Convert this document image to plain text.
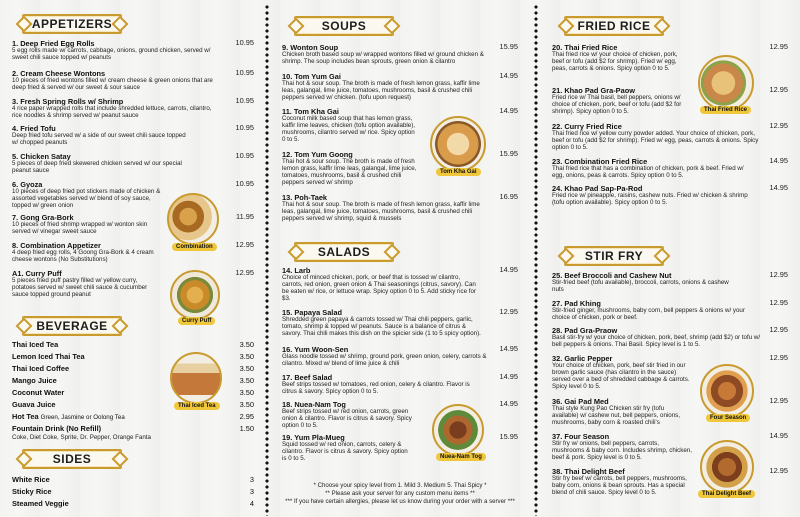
APPETIZERS
1. Deep Fried Egg Rolls	10.95
5 egg rolls made w/ carrots, cabbage, onions, ground chicken, served w/ sweet chili sauce topped w/ peanuts
2. Cream Cheese Wontons	10.95
10 pieces of fried wontons filled w/ cream cheese & green onions that are deep fried & served w/ our sweet & sour sauce
3. Fresh Spring Rolls w/ Shrimp	10.95
4 rice paper wrapped rolls that include shredded lettuce, carrots, cilantro, rice noodles & shrimp served w/ peanut sauce
4. Fried Tofu	10.95
Deep fried tofu served w/ a side of our sweet chili sauce topped w/ chopped peanuts
5. Chicken Satay	10.95
5 pieces of deep fried skewered chicken served w/ our special peanut sauce
6. Gyoza	10.95
10 pieces of deep fried pot stickers made of chicken & assorted vegetables served w/ blend of soy sauce, topped w/ green onion
7. Gong Gra-Bork	11.95
10 pieces of fried shrimp wrapped w/ wonton skin served w/ vinegar sweet sauce
8. Combination Appetizer	12.95
4 deep fried egg rolls, 4 Goong Gra-Bork & 4 cream cheese wontons (No Substitutions)
A1. Curry Puff	12.95
5 pieces fried puff pastry filled w/ yellow curry, potatoes served w/ sweet chili sauce & cucumber sauce topped ground peanut
Combination
Curry Puff
BEVERAGE
Thai Iced Tea	3.50
Lemon Iced Thai Tea	3.50
Thai Iced Coffee	3.50
Mango Juice	3.50
Coconut Water	3.50
Guava Juice	3.50
Hot Tea Green, Jasmine or Oolong Tea	2.95
Fountain Drink (No Refill)	1.50
Coke, Diet Coke, Sprite, Dr. Pepper, Orange Fanta
Thai Iced Tea
SIDES
White Rice	3
Sticky Rice	3
Steamed Veggie	4
SOUPS
9. Wonton Soup	15.95
Chicken broth based soup w/ wrapped wontons filled w/ ground chicken & shrimp. The soup includes bean sprouts, green onion & cilantro
10. Tom Yum Gai	14.95
Thai hot & sour soup. The broth is made of fresh lemon grass, kaffir lime leas, galangal, lime juice, tomatoes, mushrooms, basil & crushed chili peppers served w/ chicken. (tofu upon request)
11. Tom Kha Gai	14.95
Coconut milk based soup that has lemon grass, kaffir lime leaves, chicken (tofu option available), mushrooms, cilantro served w/ rice. Spicy option 0 to 5.
12. Tom Yum Goong	15.95
Thai hot & sour soup. The broth is made of fresh lemon grass, kaffir lime leas, galangal, lime juice, tomatoes, mushrooms, basil & crushed chili peppers served w/ shrimp
13. Poh-Taek	16.95
Thai hot & sour soup. The broth is made of fresh lemon grass, kaffir lime leas, galangal, lime juice, tomatoes, mushrooms, basil & crushed chili peppers served w/ shrimp, squid & mussels
Tom Kha Gai
SALADS
14. Larb	14.95
Choice of minced chicken, pork, or beef that is tossed w/ cilantro, carrots, red onion, green onion & Thai seasonings (citrus, savory). Can be eaten w/ rice, or lettuce wrap. Spicy option 0 to 5. Add sticky rice for $3.
15. Papaya Salad	12.95
Shredded green papaya & carrots tossed w/ Thai chili peppers, garlic, tomato, shrimp & topped w/ peanuts. Sauce is a balance of citrus & savory. Thai chili makes this dish on the spicier side (1 to 5 spicy option).
16. Yum Woon-Sen	14.95
Glass noodle tossed w/ shrimp, ground pork, green onion, celery, carrots & cilantro. Mixed w/ blend of lime juice & chili
17. Beef Salad	14.95
Beef strips tossed w/ tomatoes, red onion, celery & cilantro. Flavor is citrus & savory. Spicy option 0 to 5.
18. Nuea-Nam Tog	14.95
Beef strips tossed w/ red onion, carrots, green onion & cilantro. Flavor is citrus & savory. Spicy option 0 to 5.
19. Yum Pla-Mueg	15.95
Squid tossed w/ red onion, carrots, celery & cilantro. Flavor is citrus & savory. Spicy option is 0 to 5.	Nuea-Nam Tog
* Choose your spicy level from 1. Mild 3. Medium 5. Thai Spicy *
** Please ask your server for any custom menu items **
*** If you have certain allergies, please let us know during your order with a server ***
FRIED RICE
20. Thai Fried Rice	12.95
Thai fried rice w/ your choice of chicken, pork, beef or tofu (add $2 for shrimp). Fried w/ egg, peas, carrots & onions. Spicy option 0 to 5.
21. Khao Pad Gra-Paow	12.95
Fried rice w/ Thai basil, bell peppers, onions w/ choice of chicken, pork, beef or tofu (add $2 for shrimp). Spicy option 0 to 5.
22. Curry Fried Rice	12.95
Thai fried rice w/ yellow curry powder added. Your choice of chicken, pork, beef or tofu (add $2 for shrimp). Fried w/ egg, peas, carrots & onions. Spicy option 0 to 5.
23. Combination Fried Rice	14.95
Thai fried rice that has a combination of chicken, pork & beef. Fried w/ egg, onions, peas & carrots. Spicy option 0 to 5.
24. Khao Pad Sap-Pa-Rod	14.95
Fried rice w/ pineapple, raisins, cashew nuts. Fried w/ chicken & shrimp (tofu option available). Spicy option 0 to 5.
Thai Fried Rice
STIR FRY
25. Beef Broccoli and Cashew Nut	12.95
Stir-fried beef (tofu available), broccoli, carrots, onions & cashew nuts
27. Pad Khing	12.95
Stir-fried ginger, mushrooms, baby corn, bell peppers & onions w/ your choice of chicken, pork or beef.
28. Pad Gra-Praow	12.95
Basil stir-fry w/ your choice of chicken, pork, beef, shrimp (add $2) or tofu w/ bell peppers & onions. Thai Basil. Spicy level is 1 to 5.
32. Garlic Pepper	12.95
Your choice of chicken, pork, beef stir fried in our brown garlic sauce (has cilantro in the sauce) served over a bed of shredded cabbage & carrots. Spicy level 0 to 5.
36. Gai Pad Med	12.95
Thai style Kung Pao Chicken stir fry (tofu available) w/ cashew nut, bell peppers, onions, mushrooms, baby corn & roasted chili's
37. Four Season	14.95
Stir fry w/ onions, bell peppers, carrots, mushrooms & baby corn. Includes shrimp, chicken, beef & pork. Spicy level is 0 to 5.
38. Thai Delight Beef	12.95
Stir fry beef w/ carrots, bell peppers, mushrooms, baby corn, onions & bean sprouts. Has a special blend of chili sauce. Spicy level 0 to 5.
Four Season
Thai Delight Beef
